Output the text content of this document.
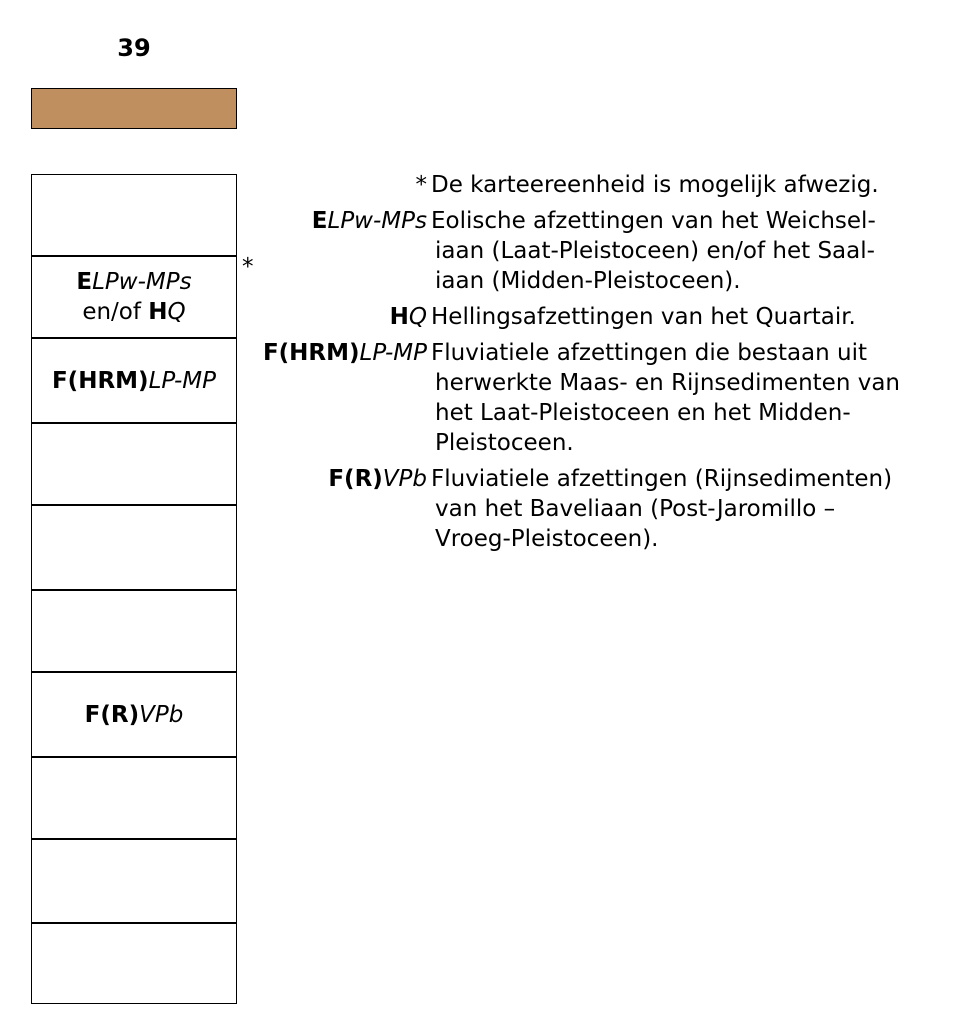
39
ELPw-MPs
en/of HQ
F(HRM)LP-MP
F(R)VPb
*
* De karteereenheid is mogelijk afwezig.
ELPw-MPs Eolische afzettingen van het Weichsel-
iaan (Laat-Pleistoceen) en/of het Saal-
iaan (Midden-Pleistoceen).
HQ Hellingsafzettingen van het Quartair.
F(HRM)LP-MP Fluviatiele afzettingen die bestaan uit
herwerkte Maas- en Rijnsedimenten van
het Laat-Pleistoceen en het Midden-
Pleistoceen.
F(R)VPb Fluviatiele afzettingen (Rijnsedimenten)
van het Baveliaan (Post-Jaromillo –
Vroeg-Pleistoceen).
